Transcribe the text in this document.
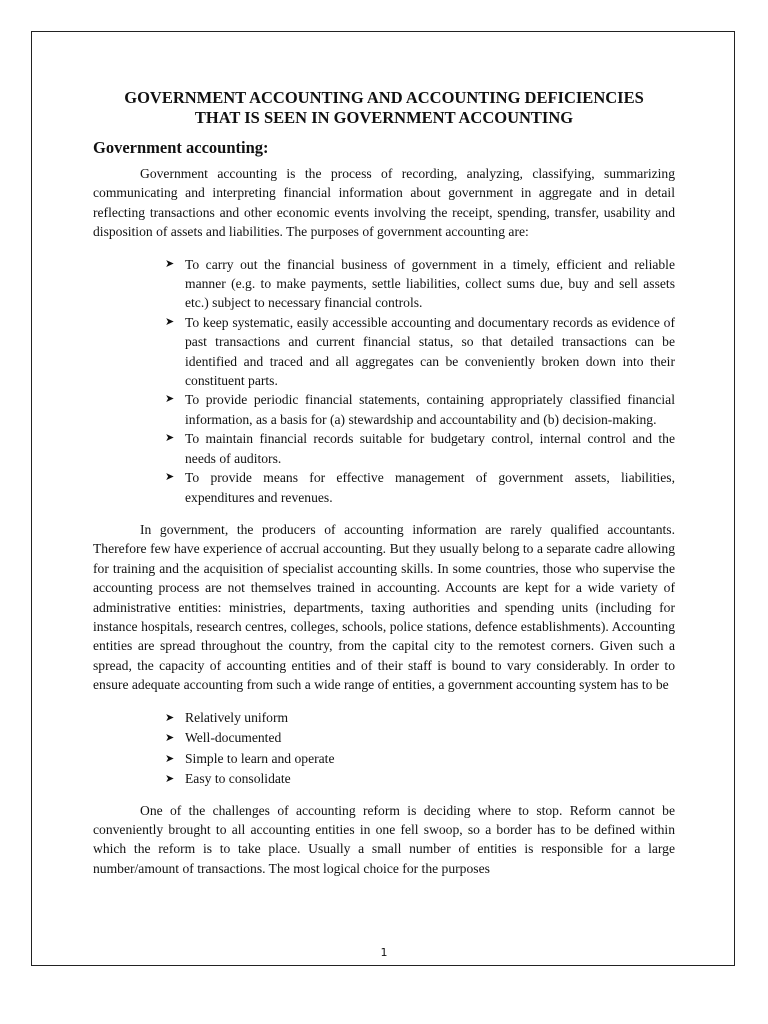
GOVERNMENT ACCOUNTING AND ACCOUNTING DEFICIENCIES
THAT IS SEEN IN GOVERNMENT ACCOUNTING
Government accounting:

Government accounting is the process of recording, analyzing, classifying, summarizing communicating and interpreting financial information about government in aggregate and in detail reflecting transactions and other economic events involving the receipt, spending, transfer, usability and disposition of assets and liabilities. The purposes of government accounting are:

➤ To carry out the financial business of government in a timely, efficient and reliable manner (e.g. to make payments, settle liabilities, collect sums due, buy and sell assets etc.) subject to necessary financial controls.
➤ To keep systematic, easily accessible accounting and documentary records as evidence of past transactions and current financial status, so that detailed transactions can be identified and traced and all aggregates can be conveniently broken down into their constituent parts.
➤ To provide periodic financial statements, containing appropriately classified financial information, as a basis for (a) stewardship and accountability and (b) decision-making.
➤ To maintain financial records suitable for budgetary control, internal control and the needs of auditors.
➤ To provide means for effective management of government assets, liabilities, expenditures and revenues.

In government, the producers of accounting information are rarely qualified accountants. Therefore few have experience of accrual accounting. But they usually belong to a separate cadre allowing for training and the acquisition of specialist accounting skills. In some countries, those who supervise the accounting process are not themselves trained in accounting. Accounts are kept for a wide variety of administrative entities: ministries, departments, taxing authorities and spending units (including for instance hospitals, research centres, colleges, schools, police stations, defence establishments). Accounting entities are spread throughout the country, from the capital city to the remotest corners. Given such a spread, the capacity of accounting entities and of their staff is bound to vary considerably. In order to ensure adequate accounting from such a wide range of entities, a government accounting system has to be

➤ Relatively uniform
➤ Well-documented
➤ Simple to learn and operate
➤ Easy to consolidate

One of the challenges of accounting reform is deciding where to stop. Reform cannot be conveniently brought to all accounting entities in one fell swoop, so a border has to be defined within which the reform is to take place. Usually a small number of entities is responsible for a large number/amount of transactions. The most logical choice for the purposes

1
